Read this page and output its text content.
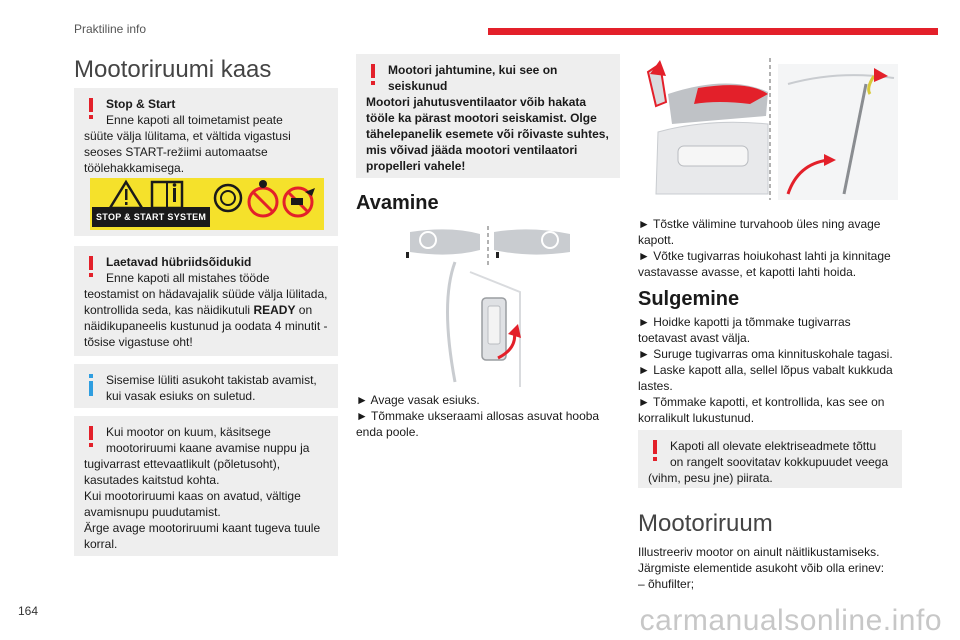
Praktiline info
Mootoriruumi kaas
Stop & Start
Enne kapoti all toimetamist peate
süüte välja lülitama, et vältida vigastusi seoses START-režiimi automaatse töölehakkamisega.
STOP & START SYSTEM
Laetavad hübriidsõidukid
Enne kapoti all mistahes tööde
teostamist on hädavajalik süüde välja lülitada, kontrollida seda, kas näidikutuli READY on näidikupaneelis kustunud ja oodata 4 minutit - tõsise vigastuse oht!
Sisemise lüliti asukoht takistab avamist,
kui vasak esiuks on suletud.
Kui mootor on kuum, käsitsege
mootoriruumi kaane avamise nuppu ja
tugivarrast ettevaatlikult (põletusoht), kasutades kaitstud kohta.
Kui mootoriruumi kaas on avatud, vältige avamisnupu puudutamist.
Ärge avage mootoriruumi kaant tugeva tuule korral.
Mootori jahtumine, kui see on
seiskunud
Mootori jahutusventilaator võib hakata tööle ka pärast mootori seiskamist. Olge tähelepanelik esemete või rõivaste suhtes, mis võivad jääda mootori ventilaatori propelleri vahele!
Avamine

► Avage vasak esiuks.

► Tõmmake ukseraami allosas asuvat hooba enda poole.

► Tõstke välimine turvahoob üles ning avage kapott.

► Võtke tugivarras hoiukohast lahti ja kinnitage vastavasse avasse, et kapotti lahti hoida.

Sulgemine

► Hoidke kapotti ja tõmmake tugivarras toetavast avast välja.

► Suruge tugivarras oma kinnituskohale tagasi.

► Laske kapott alla, sellel lõpus vabalt kukkuda lastes.

► Tõmmake kapotti, et kontrollida, kas see on korralikult lukustunud.

Kapoti all olevate elektriseadmete tõttu
on rangelt soovitatav kokkupuudet veega
(vihm, pesu jne) piirata.
Mootoriruum

Illustreeriv mootor on ainult näitlikustamiseks. Järgmiste elementide asukoht võib olla erinev:

– õhufilter;

164	carmanualsonline.info
